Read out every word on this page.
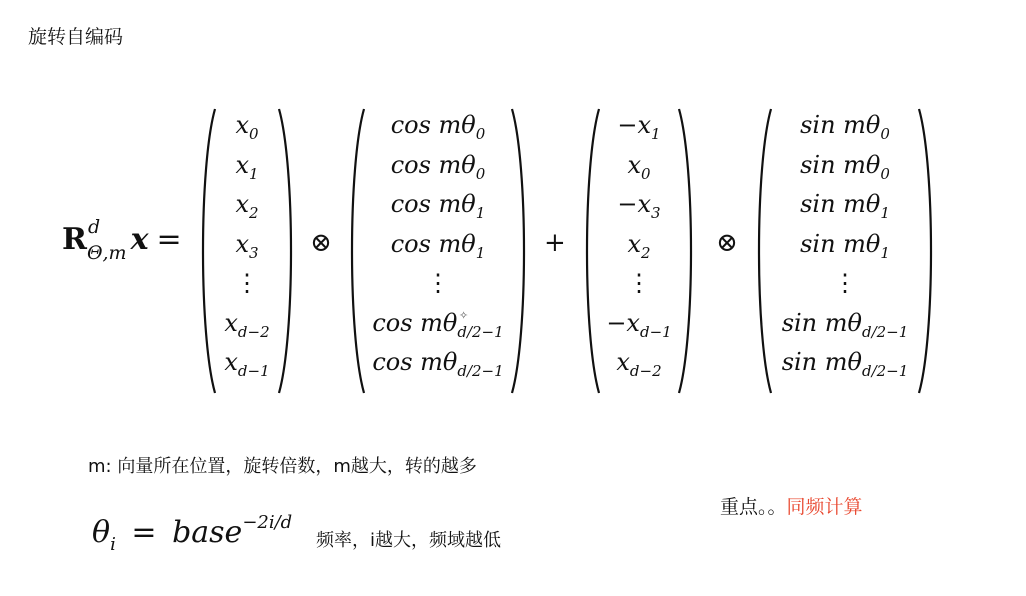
旋转自编码
R d
$_{\Theta,m}$ x =
$x_0$
$x_1$
$x_2$
$x_3$
⋮
$x_{d-2}$
$x_{d-1}$
⊗
$\cos m\theta_0$
$\cos m\theta_0$
$\cos m\theta_1$
$\cos m\theta_1$
⋮
$\cos m\theta_{d/2-1}$
$\cos m\theta_{d/2-1}$
+
$-x_1$
$x_0$
$-x_3$
$x_2$
⋮
$-x_{d-1}$
$x_{d-2}$
⊗
$\sin m\theta_0$
$\sin m\theta_0$
$\sin m\theta_1$
$\sin m\theta_1$
⋮
$\sin m\theta_{d/2-1}$
$\sin m\theta_{d/2-1}$
✧
m: 向量所在位置，旋转倍数，m越大，转的越多
$\theta_i$ = base$^{-2i/d}$
频率，i越大，频域越低
重点。。同频计算
